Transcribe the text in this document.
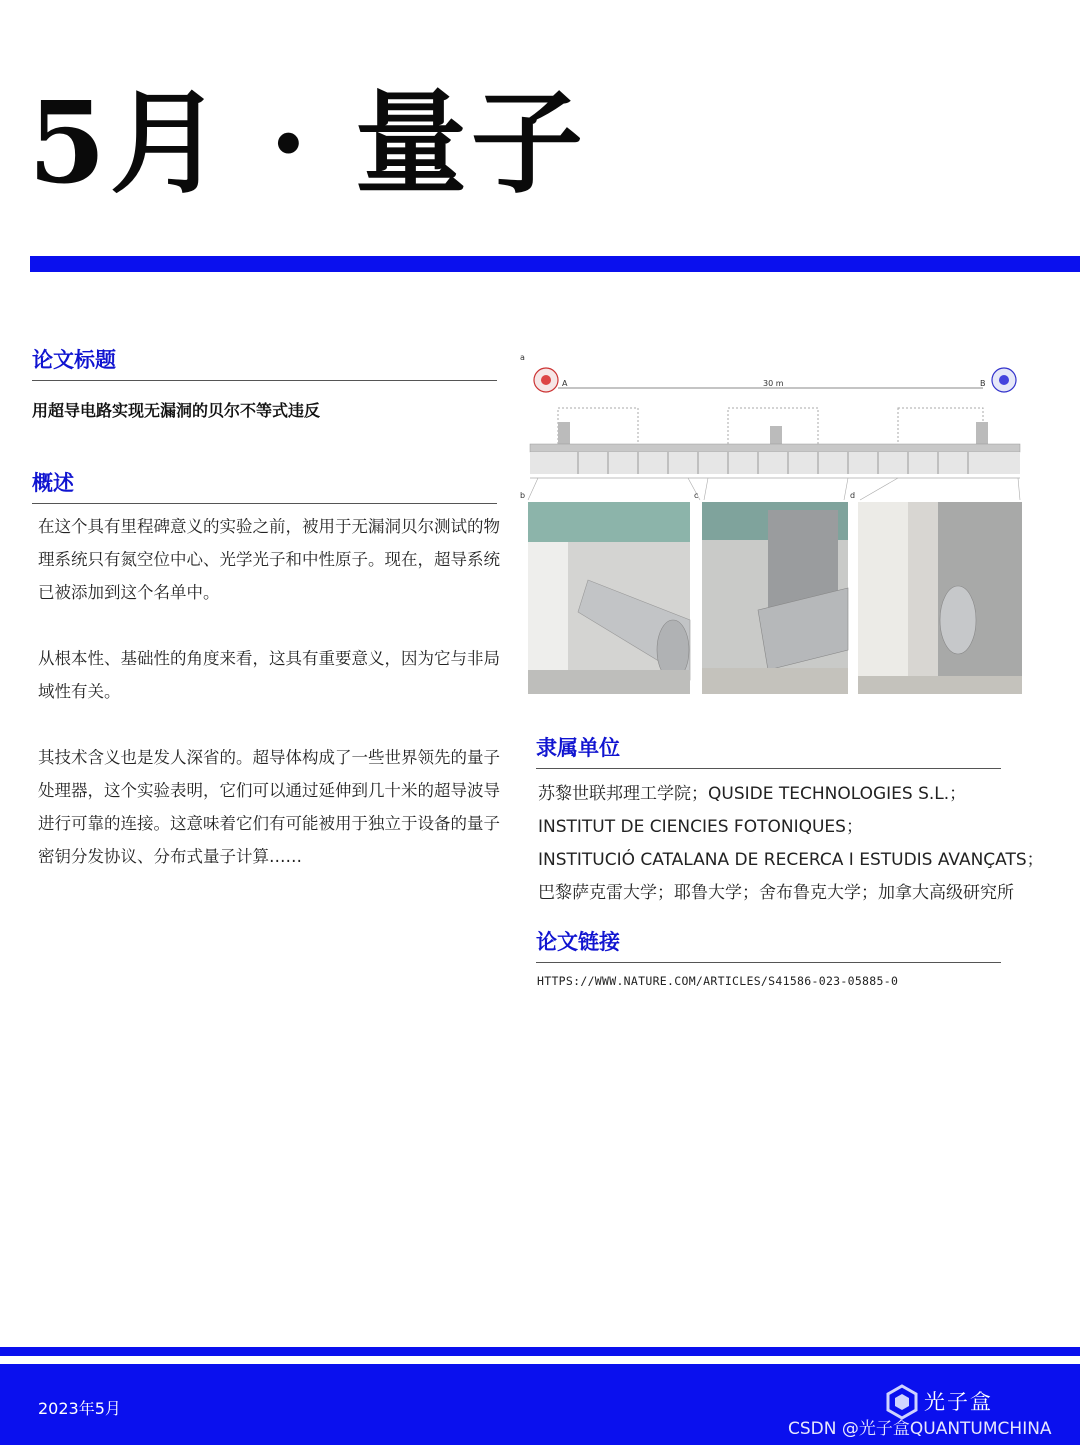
5月 · 量子
论文标题
用超导电路实现无漏洞的贝尔不等式违反
概述

在这个具有里程碑意义的实验之前，被用于无漏洞贝尔测试的物理系统只有氮空位中心、光学光子和中性原子。现在，超导系统已被添加到这个名单中。

从根本性、基础性的角度来看，这具有重要意义，因为它与非局域性有关。

其技术含义也是发人深省的。超导体构成了一些世界领先的量子处理器，这个实验表明，它们可以通过延伸到几十米的超导波导进行可靠的连接。这意味着它们有可能被用于独立于设备的量子密钥分发协议、分布式量子计算……

a
A	30 m	B
b	c	d
隶属单位
苏黎世联邦理工学院；QUSIDE TECHNOLOGIES S.L.；
INSTITUT DE CIENCIES FOTONIQUES；
INSTITUCIÓ CATALANA DE RECERCA I ESTUDIS AVANÇATS；
巴黎萨克雷大学；耶鲁大学；舍布鲁克大学；加拿大高级研究所
论文链接
HTTPS://WWW.NATURE.COM/ARTICLES/S41586-023-05885-0
2023年5月	光子盒
CSDN @光子盒QUANTUMCHINA
